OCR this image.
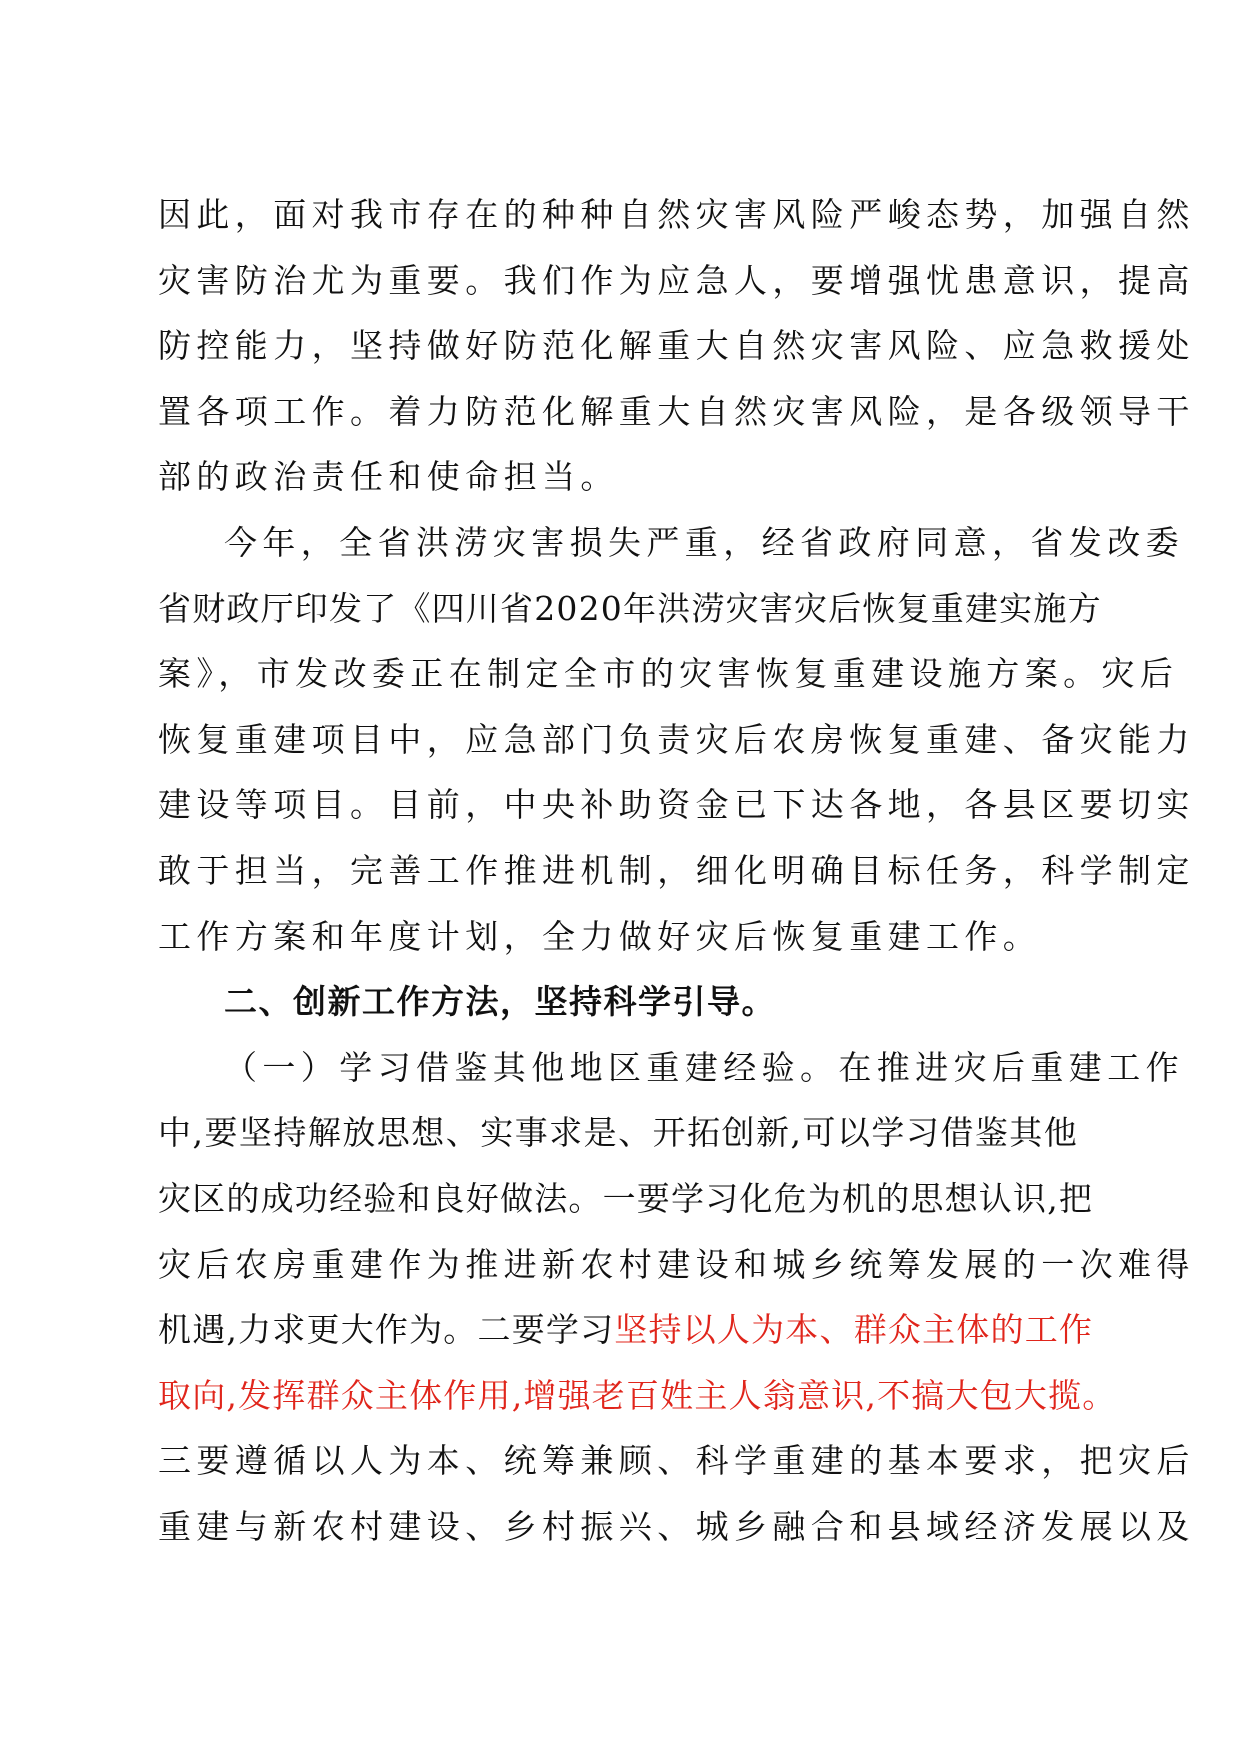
因此，面对我市存在的种种自然灾害风险严峻态势，加强自然
灾害防治尤为重要。我们作为应急人，要增强忧患意识，提高
防控能力，坚持做好防范化解重大自然灾害风险、应急救援处
置各项工作。着力防范化解重大自然灾害风险，是各级领导干
部的政治责任和使命担当。
今年，全省洪涝灾害损失严重，经省政府同意，省发改委
省财政厅印发了《四川省2020年洪涝灾害灾后恢复重建实施方
案》，市发改委正在制定全市的灾害恢复重建设施方案。灾后
恢复重建项目中，应急部门负责灾后农房恢复重建、备灾能力
建设等项目。目前，中央补助资金已下达各地，各县区要切实
敢于担当，完善工作推进机制，细化明确目标任务，科学制定
工作方案和年度计划，全力做好灾后恢复重建工作。
二、创新工作方法，坚持科学引导。
（一）学习借鉴其他地区重建经验。在推进灾后重建工作
中,要坚持解放思想、实事求是、开拓创新,可以学习借鉴其他
灾区的成功经验和良好做法。一要学习化危为机的思想认识,把
灾后农房重建作为推进新农村建设和城乡统筹发展的一次难得
机遇,力求更大作为。二要学习坚持以人为本、群众主体的工作
取向,发挥群众主体作用,增强老百姓主人翁意识,不搞大包大揽。
三要遵循以人为本、统筹兼顾、科学重建的基本要求，把灾后
重建与新农村建设、乡村振兴、城乡融合和县域经济发展以及
